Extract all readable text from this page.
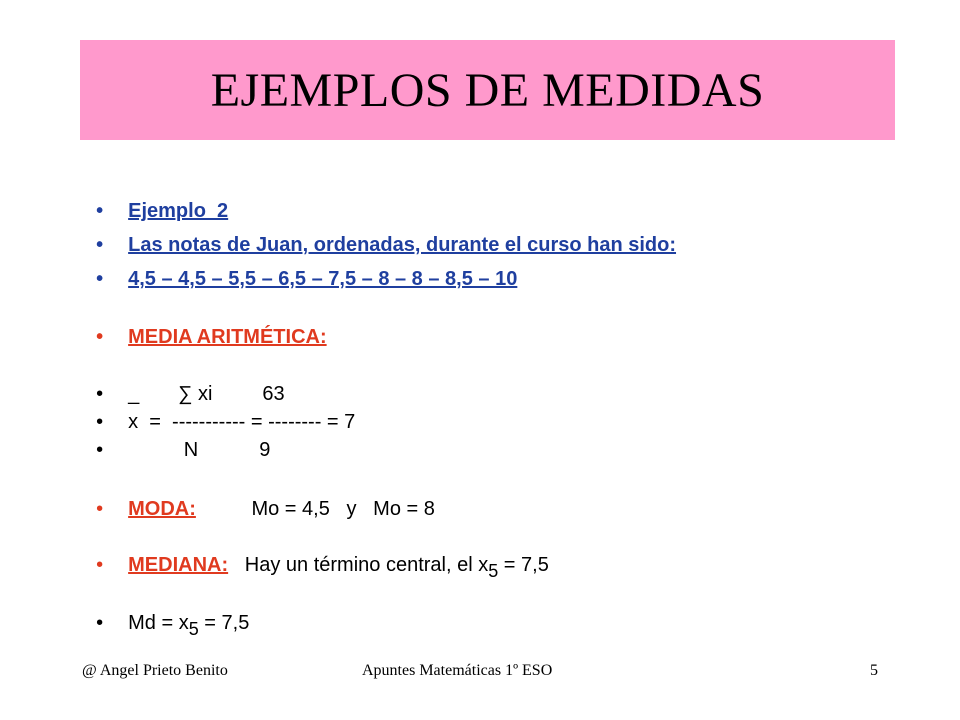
EJEMPLOS DE MEDIDAS

• Ejemplo_2

• Las notas de Juan, ordenadas, durante el curso han sido:

• 4,5 – 4,5 – 5,5 – 6,5 – 7,5 – 8 – 8 – 8,5 – 10

• MEDIA ARITMÉTICA:

• _       ∑ xi         63

• x  =  ----------- = -------- = 7

•          N           9

• MODA:          Mo = 4,5   y   Mo = 8

• MEDIANA:   Hay un término central, el $x_5 = 7,5$

• $Md = x_5 = 7,5$

@ Angel Prieto Benito	Apuntes Matemáticas 1º ESO	5
